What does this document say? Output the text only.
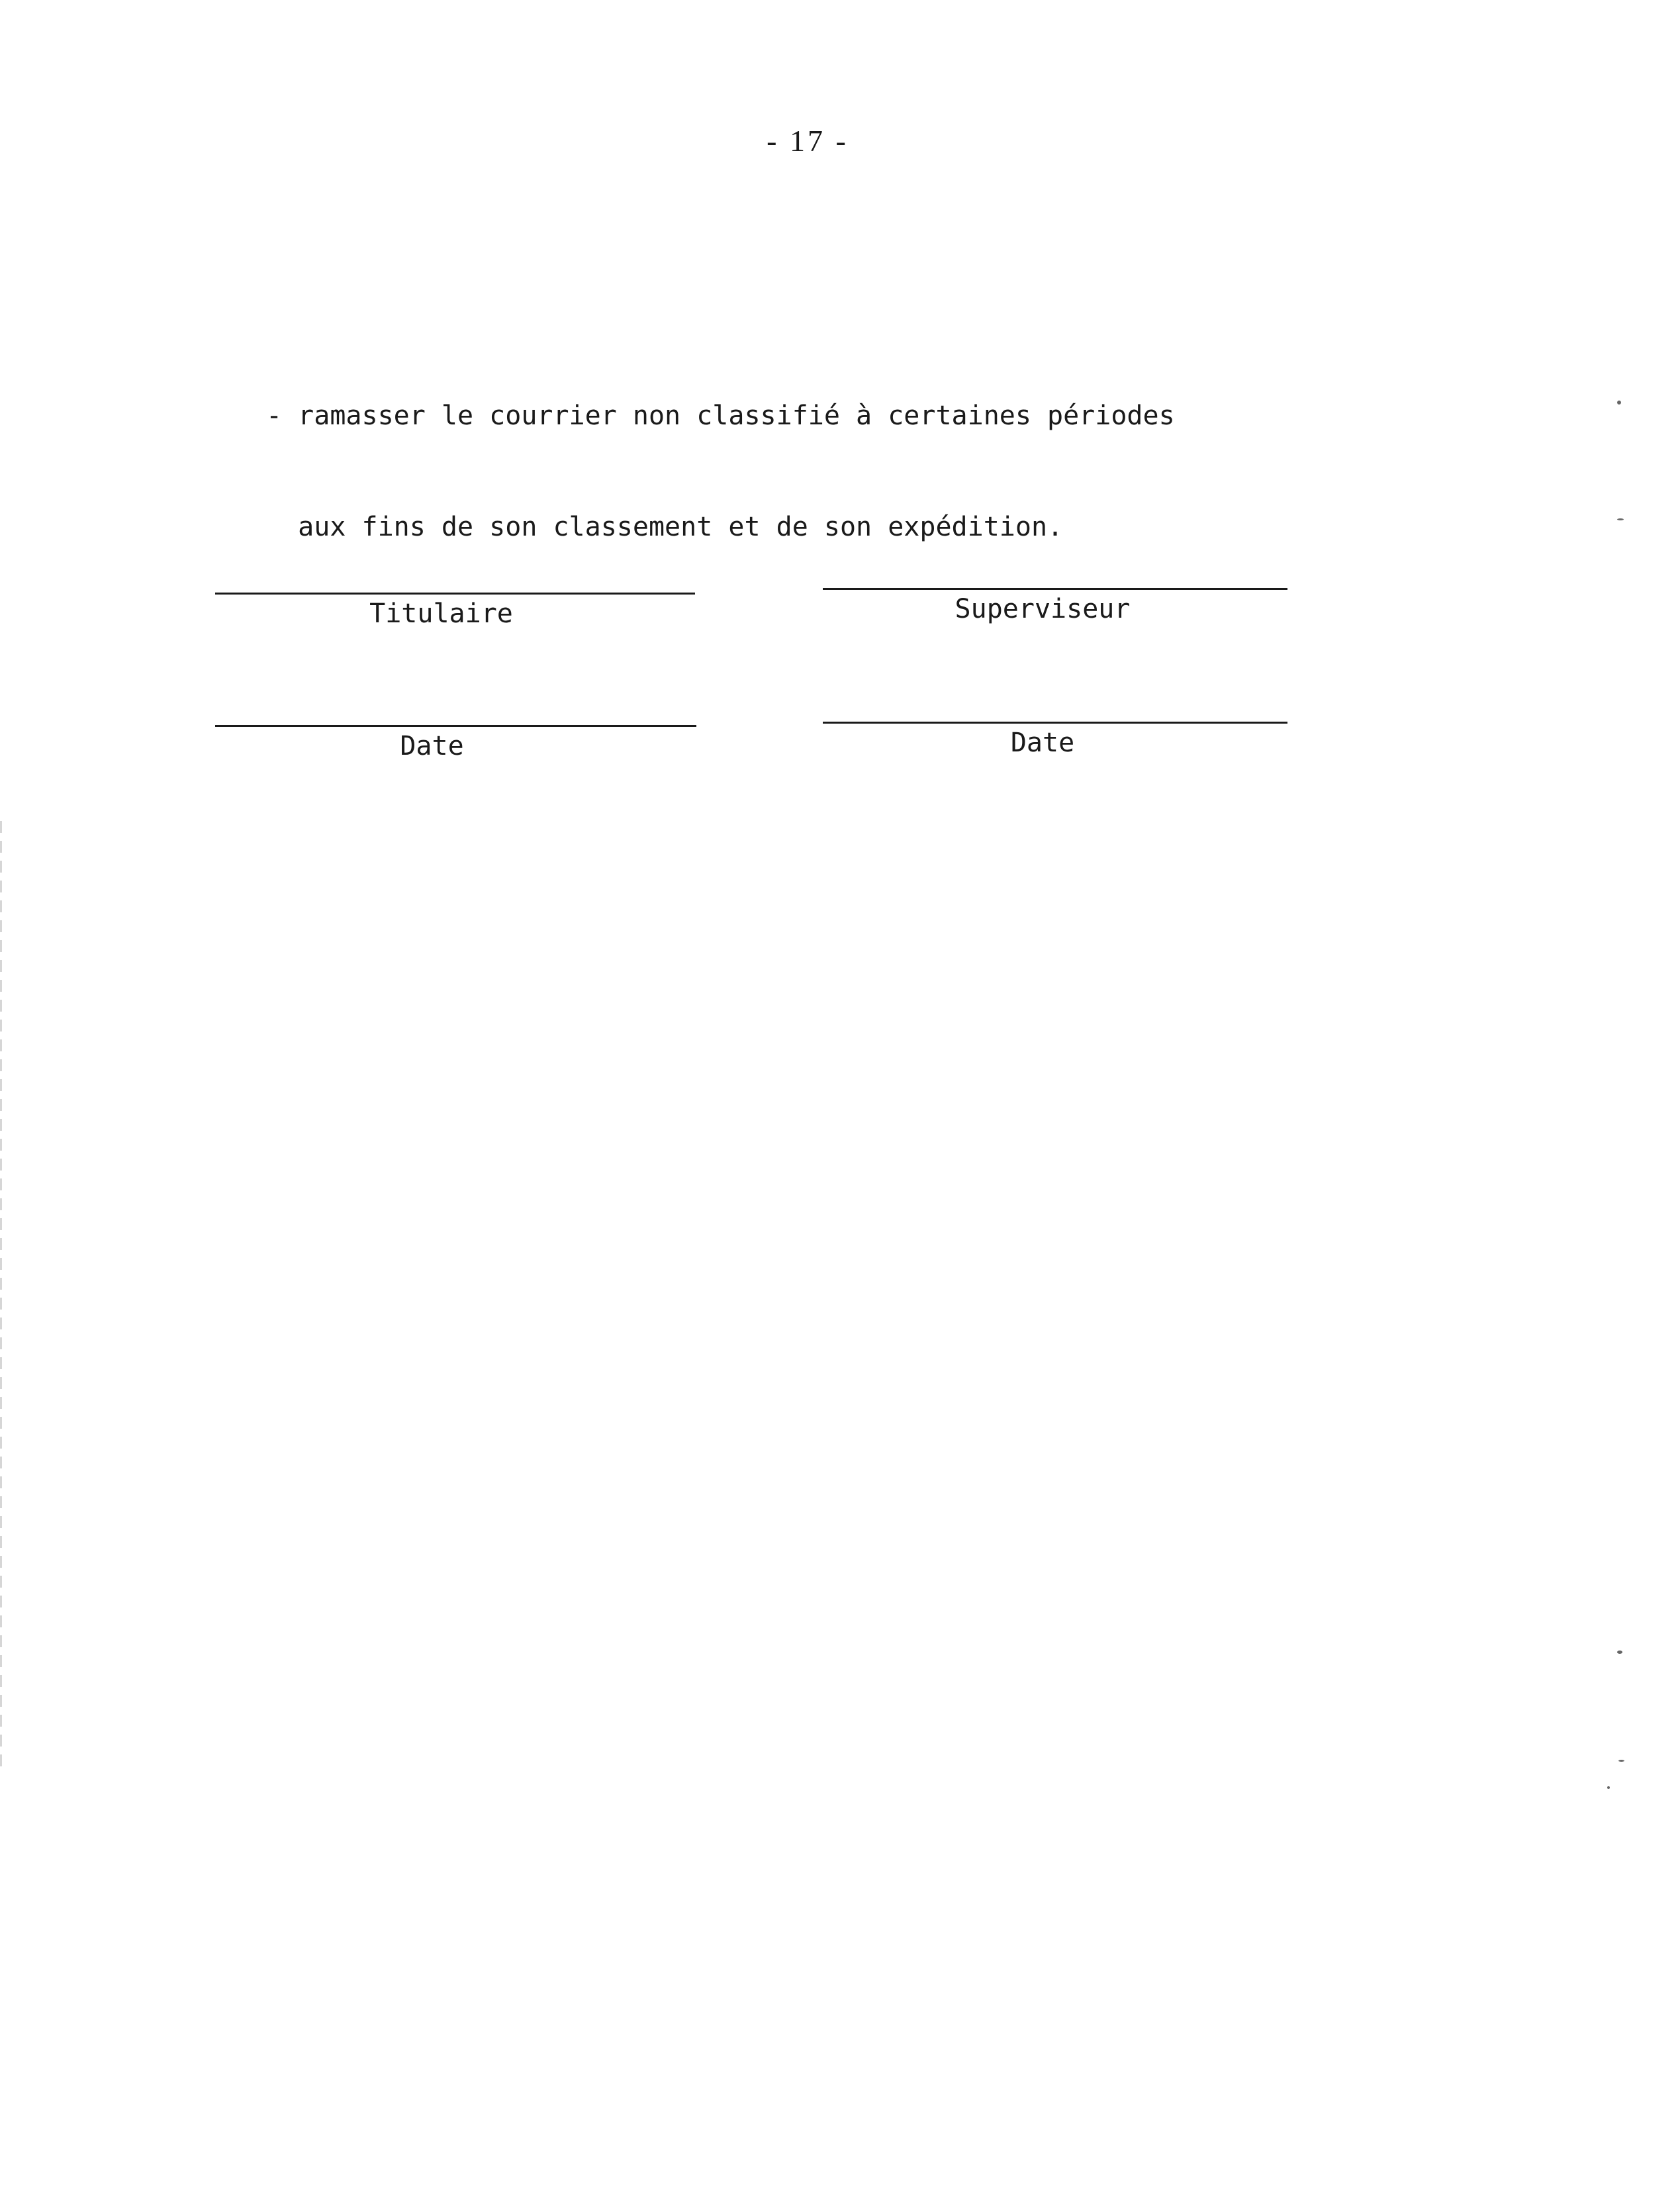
- 17 -

- ramasser le courrier non classifié à certaines périodes

aux fins de son classement et de son expédition.

Titulaire	Superviseur
Date	Date
